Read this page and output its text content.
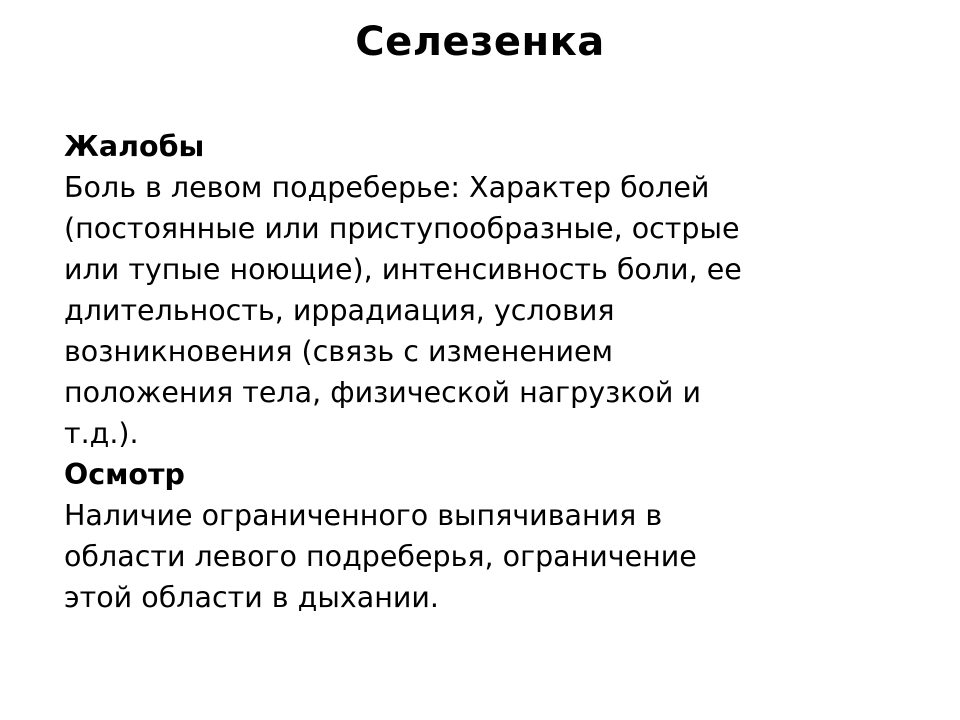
Селезенка
Жалобы
Боль в левом подреберье: Характер болей
(постоянные или приступообразные, острые
или тупые ноющие), интенсивность боли, ее
длительность, иррадиация, условия
возникновения (связь с изменением
положения тела, физической нагрузкой и
т.д.).
Осмотр
Наличие ограниченного выпячивания в
области левого подреберья, ограничение
этой области в дыхании.
